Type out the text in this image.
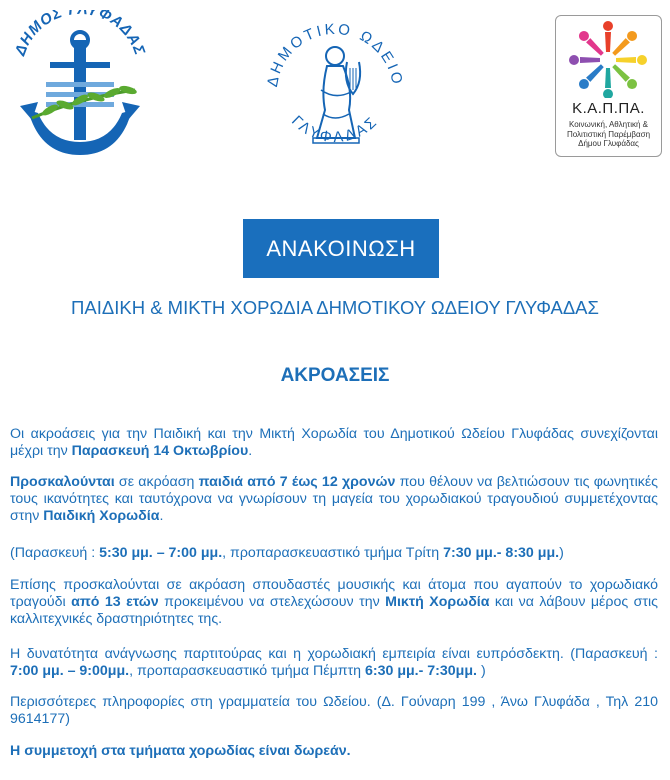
ΔΗΜΟΣ ΥΦΑΔΑΣ
ΔΗΜΟΤΙΚΟ ΩΔΕΙΟ
ΓΛΥΦΑΔΑΣ
Κ.Α.Π.ΠΑ.
Κοινωνική, Αθλητική &
Πολιτιστική Παρέμβαση
Δήμου Γλυφάδας
ΑΝΑΚΟΙΝΩΣΗ
ΠΑΙΔΙΚΗ & ΜΙΚΤΗ ΧΟΡΩΔΙΑ ΔΗΜΟΤΙΚΟΥ ΩΔΕΙΟΥ ΓΛΥΦΑΔΑΣ
ΑΚΡΟΑΣΕΙΣ
Οι ακροάσεις για την Παιδική και την Μικτή Χορωδία του Δημοτικού Ωδείου Γλυφάδας συνεχίζονται μέχρι την Παρασκευή 14 Οκτωβρίου.
Προσκαλούνται σε ακρόαση παιδιά από 7 έως 12 χρονών που θέλουν να βελτιώσουν τις φωνητικές τους ικανότητες και ταυτόχρονα να γνωρίσουν τη μαγεία του χορωδιακού τραγουδιού συμμετέχοντας στην Παιδική Χορωδία.
(Παρασκευή : 5:30 μμ. – 7:00 μμ., προπαρασκευαστικό τμήμα Τρίτη 7:30 μμ.- 8:30 μμ.)
Επίσης προσκαλούνται σε ακρόαση σπουδαστές μουσικής και άτομα που αγαπούν το χορωδιακό τραγούδι από 13 ετών προκειμένου να στελεχώσουν την Μικτή Χορωδία και να λάβουν μέρος στις καλλιτεχνικές δραστηριότητες της.
Η δυνατότητα ανάγνωσης παρτιτούρας και η χορωδιακή εμπειρία είναι ευπρόσδεκτη. (Παρασκευή : 7:00 μμ. – 9:00μμ., προπαρασκευαστικό τμήμα Πέμπτη 6:30 μμ.- 7:30μμ. )
Περισσότερες πληροφορίες στη γραμματεία του Ωδείου. (Δ. Γούναρη 199 , Άνω Γλυφάδα , Τηλ 210 9614177)
Η συμμετοχή στα τμήματα χορωδίας είναι δωρεάν.
